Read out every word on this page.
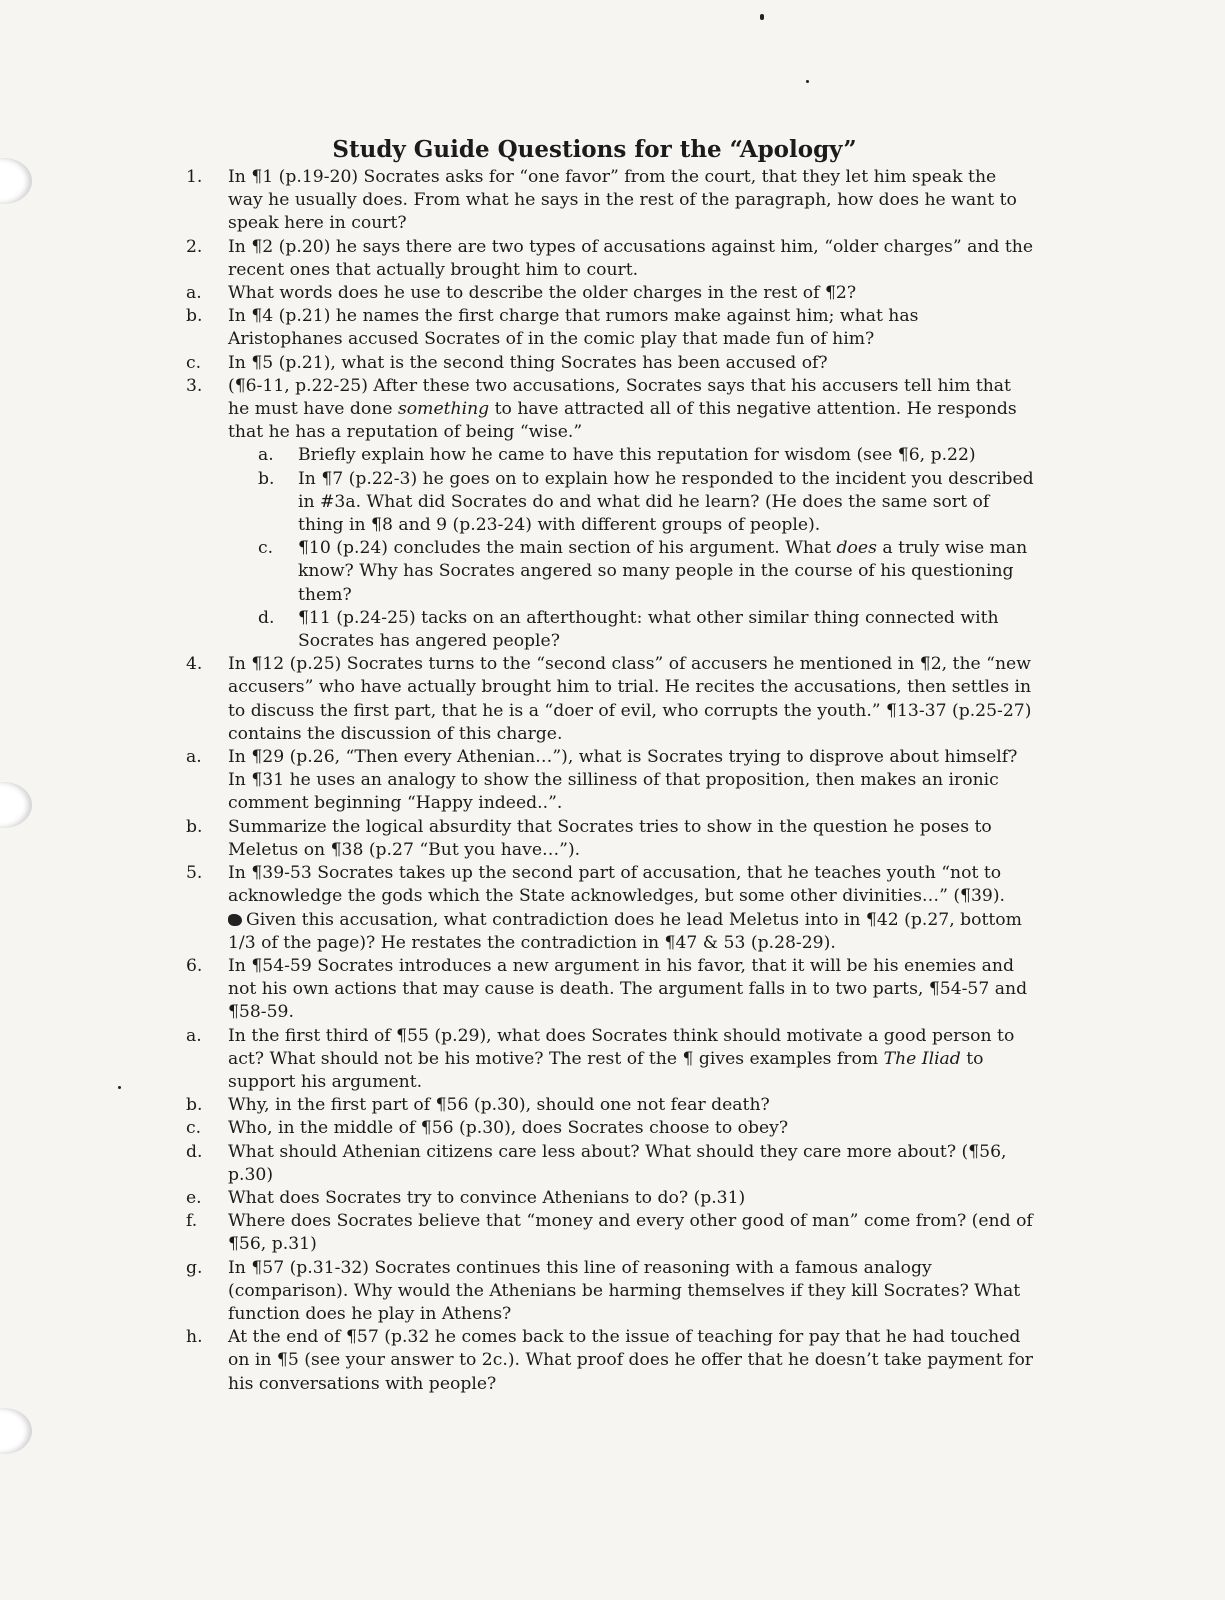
Study Guide Questions for the “Apology”
1.	In ¶1 (p.19-20) Socrates asks for “one favor” from the court, that they let him speak the way he usually does. From what he says in the rest of the paragraph, how does he want to speak here in court?
2.	In ¶2 (p.20) he says there are two types of accusations against him, “older charges” and the recent ones that actually brought him to court.
a. What words does he use to describe the older charges in the rest of ¶2?
b. In ¶4 (p.21) he names the first charge that rumors make against him; what has Aristophanes accused Socrates of in the comic play that made fun of him?
c. In ¶5 (p.21), what is the second thing Socrates has been accused of?
3.	(¶6-11, p.22-25) After these two accusations, Socrates says that his accusers tell him that he must have done something to have attracted all of this negative attention. He responds that he has a reputation of being “wise.”
a. Briefly explain how he came to have this reputation for wisdom (see ¶6, p.22)
b. In ¶7 (p.22-3) he goes on to explain how he responded to the incident you described in #3a. What did Socrates do and what did he learn? (He does the same sort of thing in ¶8 and 9 (p.23-24) with different groups of people).
c. ¶10 (p.24) concludes the main section of his argument. What does a truly wise man know? Why has Socrates angered so many people in the course of his questioning them?
d. ¶11 (p.24-25) tacks on an afterthought: what other similar thing connected with Socrates has angered people?
4.	In ¶12 (p.25) Socrates turns to the “second class” of accusers he mentioned in ¶2, the “new accusers” who have actually brought him to trial. He recites the accusations, then settles in to discuss the first part, that he is a “doer of evil, who corrupts the youth.” ¶13-37 (p.25-27) contains the discussion of this charge.
a. In ¶29 (p.26, “Then every Athenian…”), what is Socrates trying to disprove about himself? In ¶31 he uses an analogy to show the silliness of that proposition, then makes an ironic comment beginning “Happy indeed..”.
b. Summarize the logical absurdity that Socrates tries to show in the question he poses to Meletus on ¶38 (p.27 “But you have…”).
5.	In ¶39-53 Socrates takes up the second part of accusation, that he teaches youth “not to acknowledge the gods which the State acknowledges, but some other divinities…” (¶39).
Given this accusation, what contradiction does he lead Meletus into in ¶42 (p.27, bottom 1/3 of the page)? He restates the contradiction in ¶47 & 53 (p.28-29).
6.	In ¶54-59 Socrates introduces a new argument in his favor, that it will be his enemies and not his own actions that may cause is death. The argument falls in to two parts, ¶54-57 and ¶58-59.
a. In the first third of ¶55 (p.29), what does Socrates think should motivate a good person to act? What should not be his motive? The rest of the ¶ gives examples from The Iliad to support his argument.
b. Why, in the first part of ¶56 (p.30), should one not fear death?
c. Who, in the middle of ¶56 (p.30), does Socrates choose to obey?
d. What should Athenian citizens care less about? What should they care more about? (¶56, p.30)
e. What does Socrates try to convince Athenians to do? (p.31)
f. Where does Socrates believe that “money and every other good of man” come from? (end of ¶56, p.31)
g. In ¶57 (p.31-32) Socrates continues this line of reasoning with a famous analogy (comparison). Why would the Athenians be harming themselves if they kill Socrates? What function does he play in Athens?
h. At the end of ¶57 (p.32 he comes back to the issue of teaching for pay that he had touched on in ¶5 (see your answer to 2c.). What proof does he offer that he doesn’t take payment for his conversations with people?
